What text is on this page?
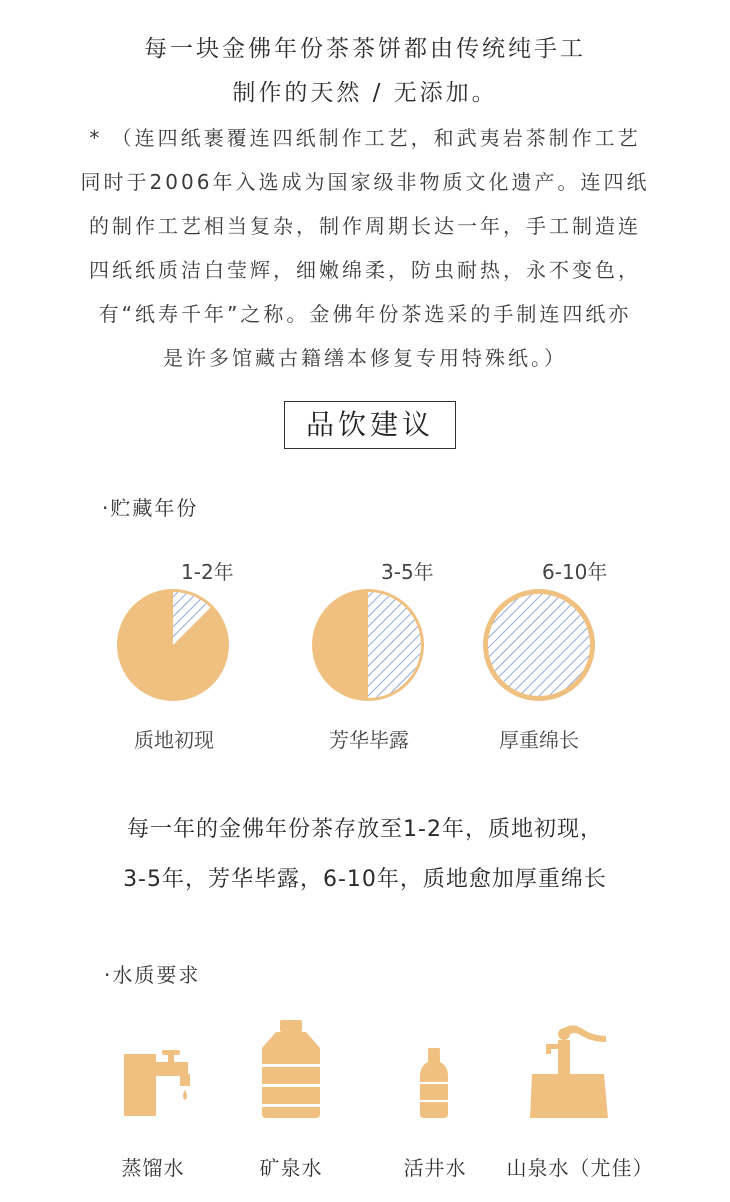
每一块金佛年份茶茶饼都由传统纯手工
制作的天然 / 无添加。
* （连四纸裹覆连四纸制作工艺，和武夷岩茶制作工艺
同时于2006年入选成为国家级非物质文化遗产。连四纸
的制作工艺相当复杂，制作周期长达一年，手工制造连
四纸纸质洁白莹辉，细嫩绵柔，防虫耐热，永不变色，
有“纸寿千年”之称。金佛年份茶选采的手制连四纸亦
是许多馆藏古籍缮本修复专用特殊纸。）
品饮建议
·贮藏年份
1-2年
质地初现
3-5年
芳华毕露
6-10年
厚重绵长
每一年的金佛年份茶存放至1-2年，质地初现，
3-5年，芳华毕露，6-10年，质地愈加厚重绵长
·水质要求
蒸馏水	矿泉水	活井水	山泉水（尤佳）
